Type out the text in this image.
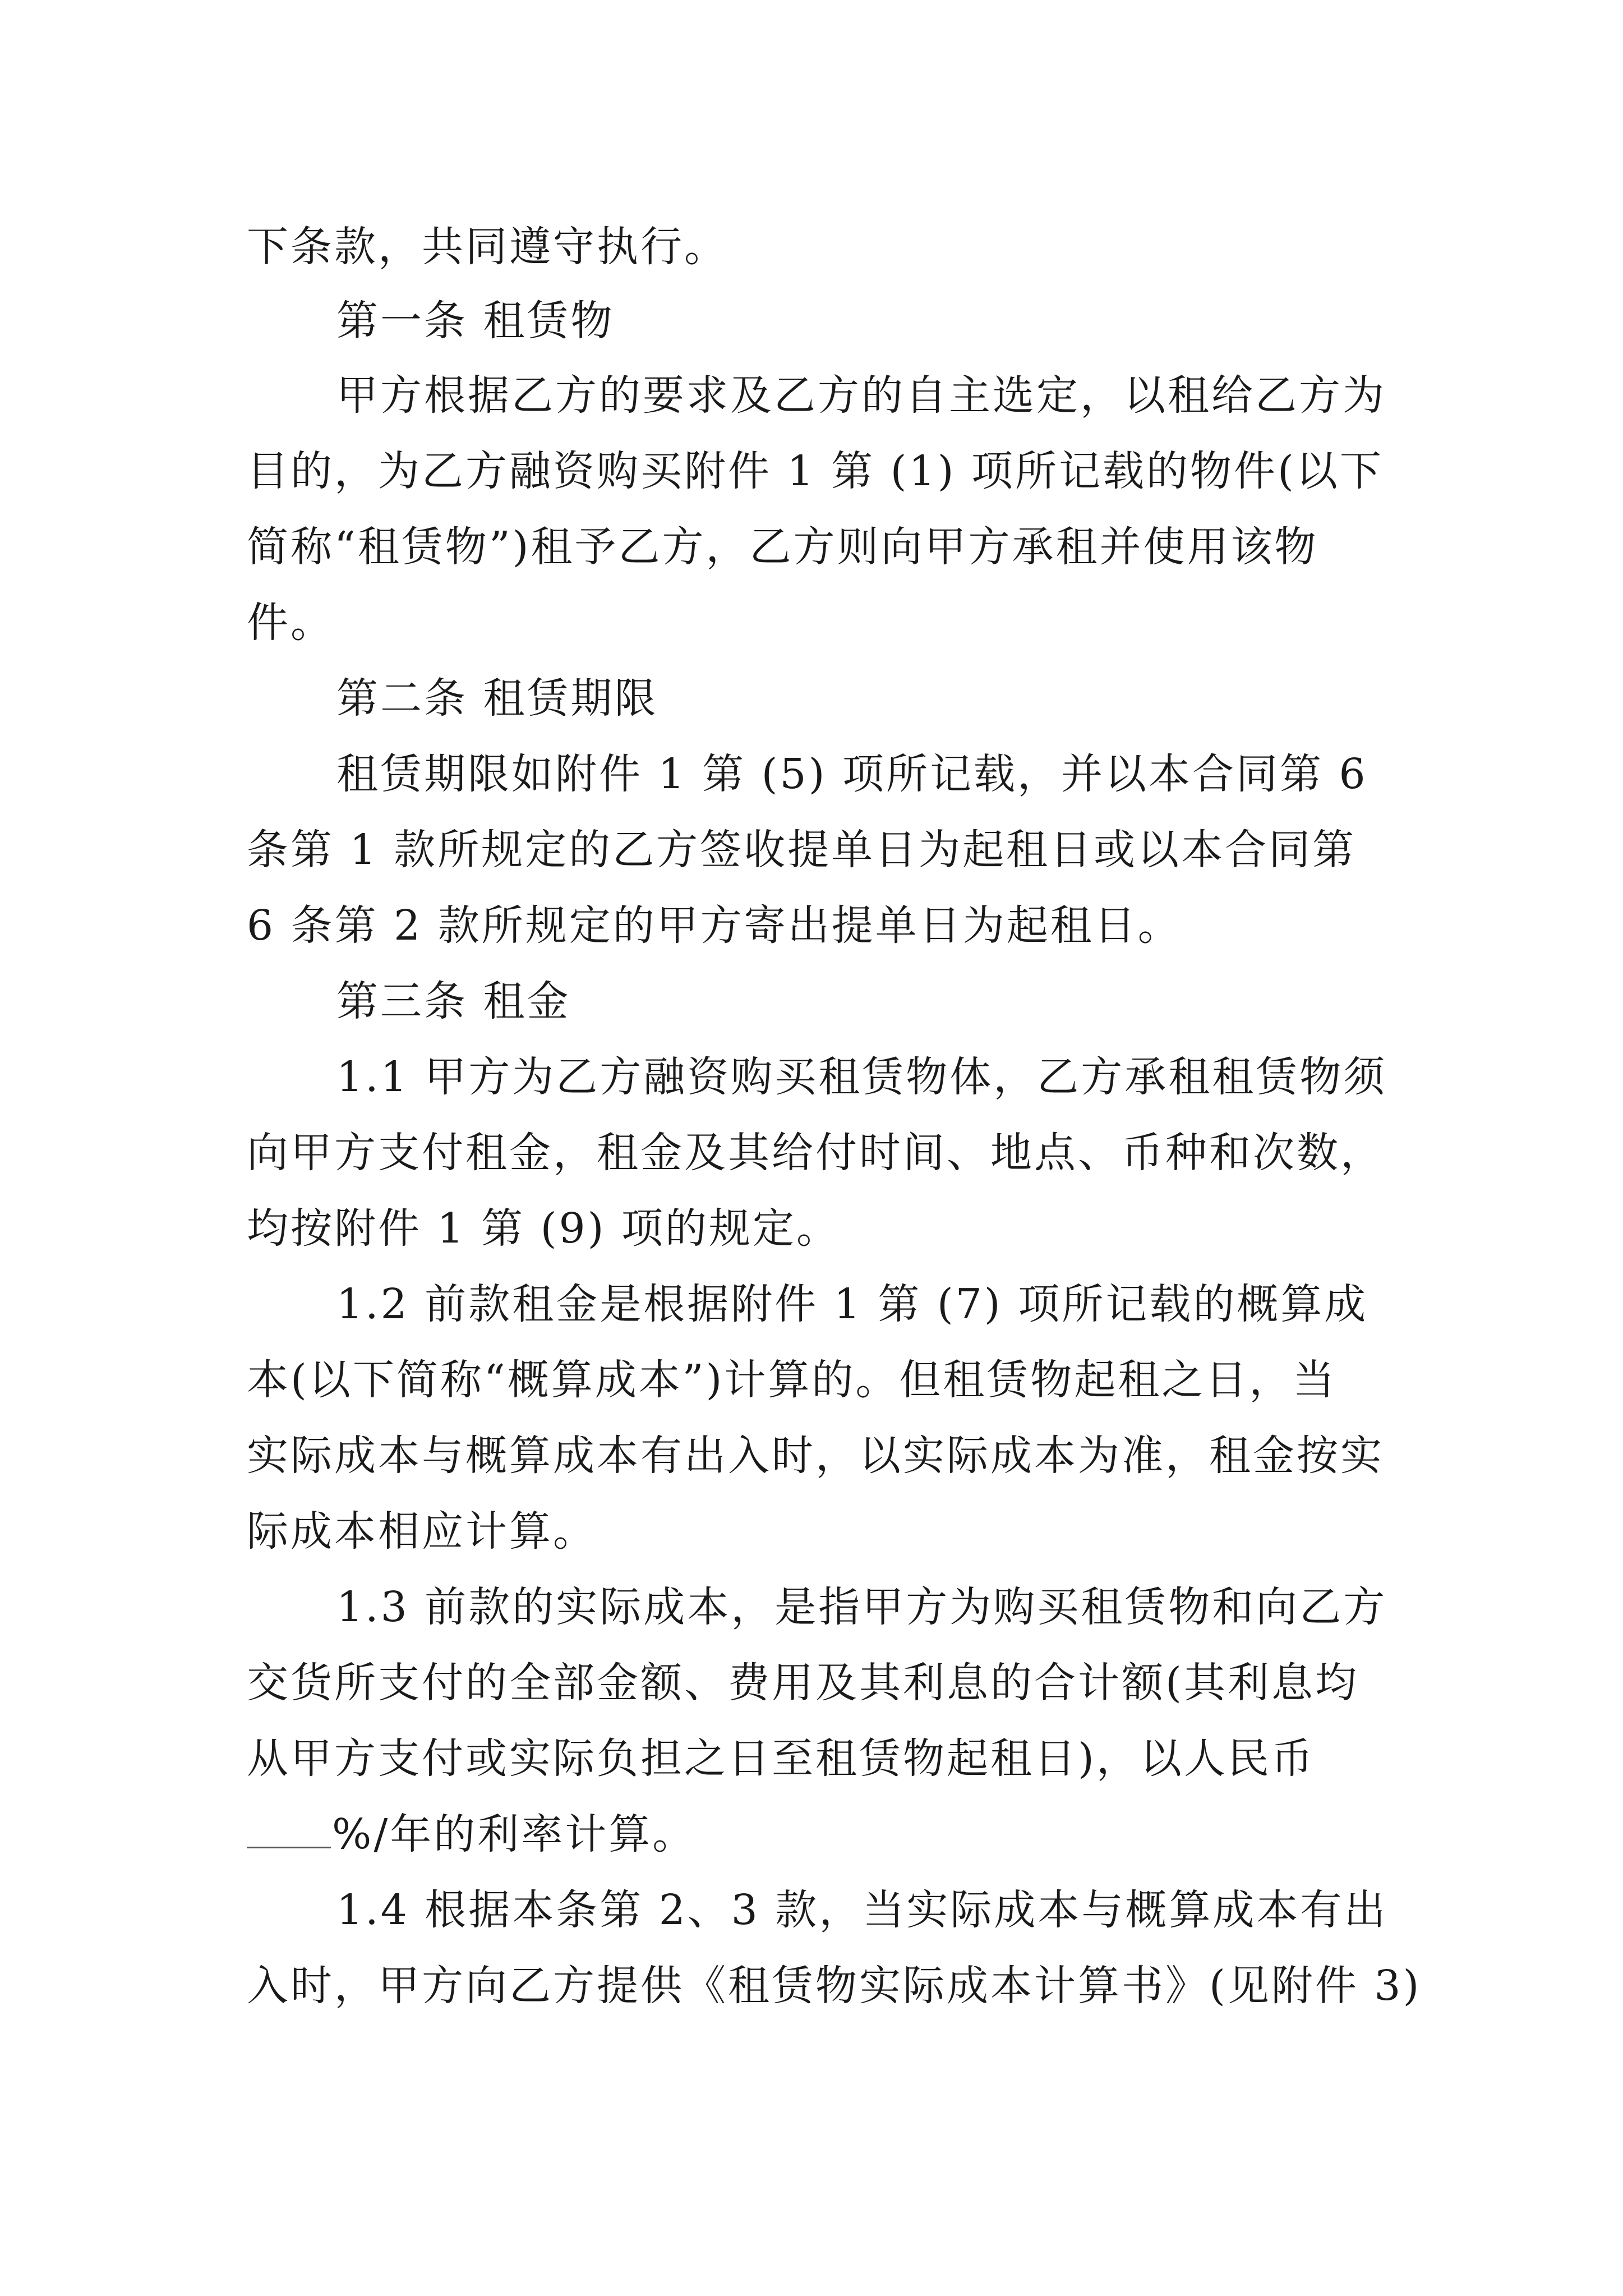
下条款，共同遵守执行。

第一条 租赁物

甲方根据乙方的要求及乙方的自主选定，以租给乙方为

目的，为乙方融资购买附件 1 第 (1) 项所记载的物件(以下

简称“租赁物”)租予乙方，乙方则向甲方承租并使用该物

件。

第二条 租赁期限

租赁期限如附件 1 第 (5) 项所记载，并以本合同第 6

条第 1 款所规定的乙方签收提单日为起租日或以本合同第

6 条第 2 款所规定的甲方寄出提单日为起租日。

第三条 租金

1.1 甲方为乙方融资购买租赁物体，乙方承租租赁物须

向甲方支付租金，租金及其给付时间、地点、币种和次数，

均按附件 1 第 (9) 项的规定。

1.2 前款租金是根据附件 1 第 (7) 项所记载的概算成

本(以下简称“概算成本”)计算的。但租赁物起租之日，当

实际成本与概算成本有出入时，以实际成本为准，租金按实

际成本相应计算。

1.3 前款的实际成本，是指甲方为购买租赁物和向乙方

交货所支付的全部金额、费用及其利息的合计额(其利息均

从甲方支付或实际负担之日至租赁物起租日)，以人民币

%/年的利率计算。

1.4 根据本条第 2、3 款，当实际成本与概算成本有出

入时，甲方向乙方提供《租赁物实际成本计算书》(见附件 3)
